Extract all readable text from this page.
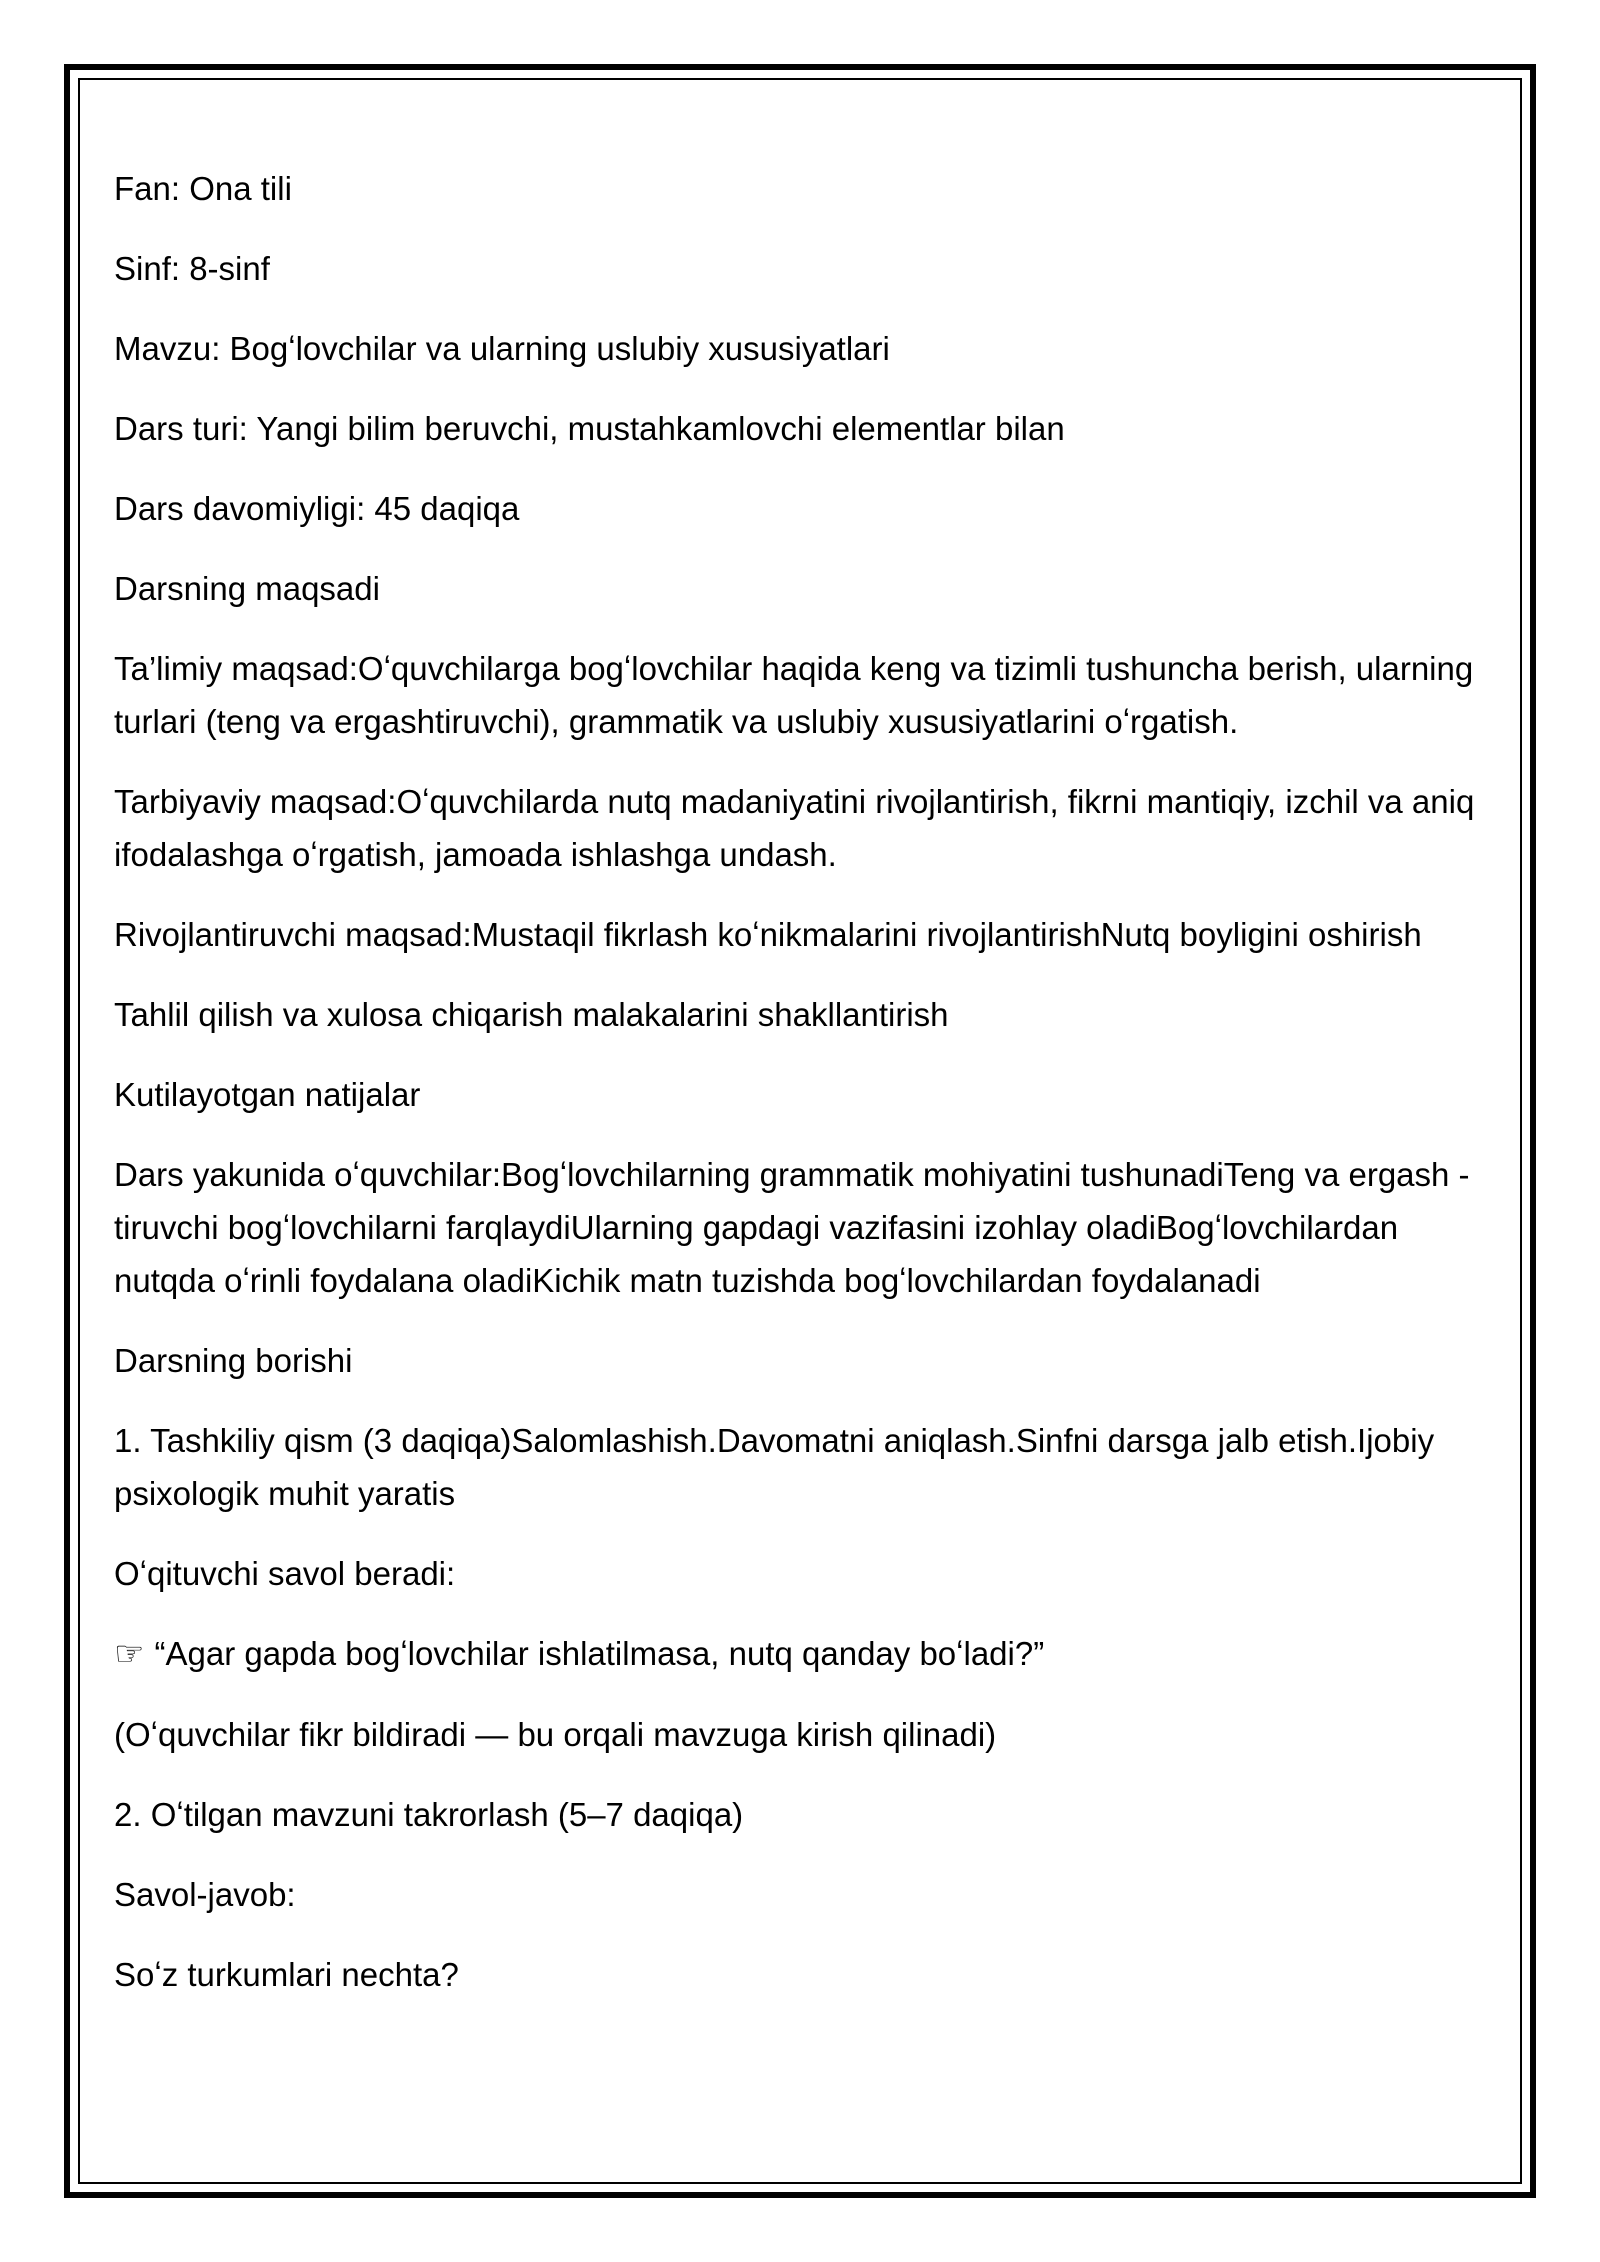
Fan: Ona tili

Sinf: 8-sinf

Mavzu: Bogʻlovchilar va ularning uslubiy xususiyatlari

Dars turi: Yangi bilim beruvchi, mustahkamlovchi elementlar bilan

Dars davomiyligi: 45 daqiqa

Darsning maqsadi

Ta’limiy maqsad:Oʻquvchilarga bogʻlovchilar haqida keng va tizimli tushuncha berish, ularning turlari (teng va ergashtiruvchi), grammatik va uslubiy xususiyatlarini oʻrgatish.

Tarbiyaviy maqsad:Oʻquvchilarda nutq madaniyatini rivojlantirish, fikrni mantiqiy, izchil va aniq ifodalashga oʻrgatish, jamoada ishlashga undash.

Rivojlantiruvchi maqsad:Mustaqil fikrlash koʻnikmalarini rivojlantirishNutq boyligini oshirish

Tahlil qilish va xulosa chiqarish malakalarini shakllantirish

Kutilayotgan natijalar

Dars yakunida oʻquvchilar:Bogʻlovchilarning grammatik mohiyatini tushunadiTeng va ergash -tiruvchi bogʻlovchilarni farqlaydiUlarning gapdagi vazifasini izohlay oladiBogʻlovchilardan nutqda oʻrinli foydalana oladiKichik matn tuzishda bogʻlovchilardan foydalanadi

Darsning borishi

1. Tashkiliy qism (3 daqiqa)Salomlashish.Davomatni aniqlash.Sinfni darsga jalb etish.Ijobiy psixologik muhit yaratis

Oʻqituvchi savol beradi:

☞ “Agar gapda bogʻlovchilar ishlatilmasa, nutq qanday boʻladi?”

(Oʻquvchilar fikr bildiradi — bu orqali mavzuga kirish qilinadi)

2. Oʻtilgan mavzuni takrorlash (5–7 daqiqa)

Savol-javob:

Soʻz turkumlari nechta?
